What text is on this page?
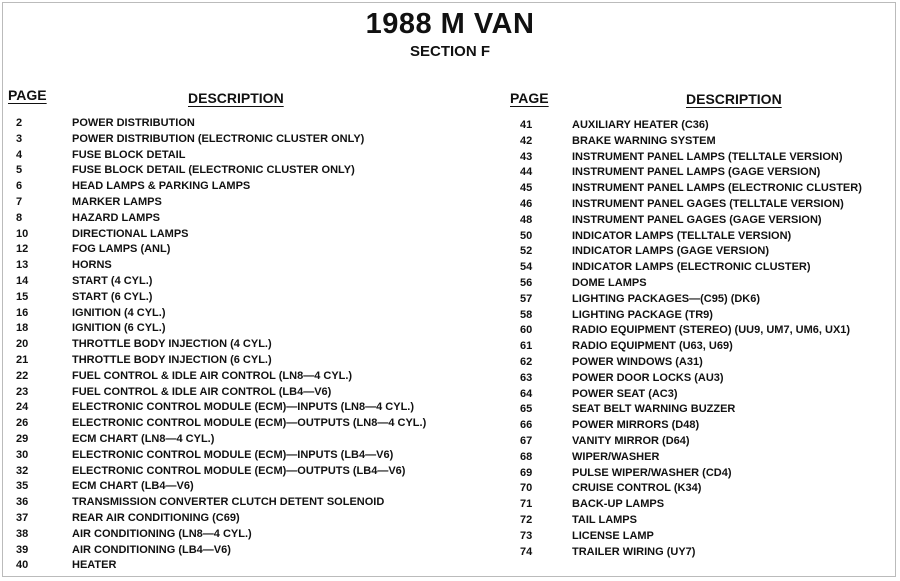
1988 M VAN
SECTION F
PAGE	DESCRIPTION	PAGE	DESCRIPTION
2	POWER DISTRIBUTION
3	POWER DISTRIBUTION (ELECTRONIC CLUSTER ONLY)
4	FUSE BLOCK DETAIL
5	FUSE BLOCK DETAIL (ELECTRONIC CLUSTER ONLY)
6	HEAD LAMPS & PARKING LAMPS
7	MARKER LAMPS
8	HAZARD LAMPS
10	DIRECTIONAL LAMPS
12	FOG LAMPS (ANL)
13	HORNS
14	START (4 CYL.)
15	START (6 CYL.)
16	IGNITION (4 CYL.)
18	IGNITION (6 CYL.)
20	THROTTLE BODY INJECTION (4 CYL.)
21	THROTTLE BODY INJECTION (6 CYL.)
22	FUEL CONTROL & IDLE AIR CONTROL (LN8—4 CYL.)
23	FUEL CONTROL & IDLE AIR CONTROL (LB4—V6)
24	ELECTRONIC CONTROL MODULE (ECM)—INPUTS (LN8—4 CYL.)
26	ELECTRONIC CONTROL MODULE (ECM)—OUTPUTS (LN8—4 CYL.)
29	ECM CHART (LN8—4 CYL.)
30	ELECTRONIC CONTROL MODULE (ECM)—INPUTS (LB4—V6)
32	ELECTRONIC CONTROL MODULE (ECM)—OUTPUTS (LB4—V6)
35	ECM CHART (LB4—V6)
36	TRANSMISSION CONVERTER CLUTCH DETENT SOLENOID
37	REAR AIR CONDITIONING (C69)
38	AIR CONDITIONING (LN8—4 CYL.)
39	AIR CONDITIONING (LB4—V6)
40	HEATER
41	AUXILIARY HEATER (C36)
42	BRAKE WARNING SYSTEM
43	INSTRUMENT PANEL LAMPS (TELLTALE VERSION)
44	INSTRUMENT PANEL LAMPS (GAGE VERSION)
45	INSTRUMENT PANEL LAMPS (ELECTRONIC CLUSTER)
46	INSTRUMENT PANEL GAGES (TELLTALE VERSION)
48	INSTRUMENT PANEL GAGES (GAGE VERSION)
50	INDICATOR LAMPS (TELLTALE VERSION)
52	INDICATOR LAMPS (GAGE VERSION)
54	INDICATOR LAMPS (ELECTRONIC CLUSTER)
56	DOME LAMPS
57	LIGHTING PACKAGES—(C95) (DK6)
58	LIGHTING PACKAGE (TR9)
60	RADIO EQUIPMENT (STEREO) (UU9, UM7, UM6, UX1)
61	RADIO EQUIPMENT (U63, U69)
62	POWER WINDOWS (A31)
63	POWER DOOR LOCKS (AU3)
64	POWER SEAT (AC3)
65	SEAT BELT WARNING BUZZER
66	POWER MIRRORS (D48)
67	VANITY MIRROR (D64)
68	WIPER/WASHER
69	PULSE WIPER/WASHER (CD4)
70	CRUISE CONTROL (K34)
71	BACK-UP LAMPS
72	TAIL LAMPS
73	LICENSE LAMP
74	TRAILER WIRING (UY7)
